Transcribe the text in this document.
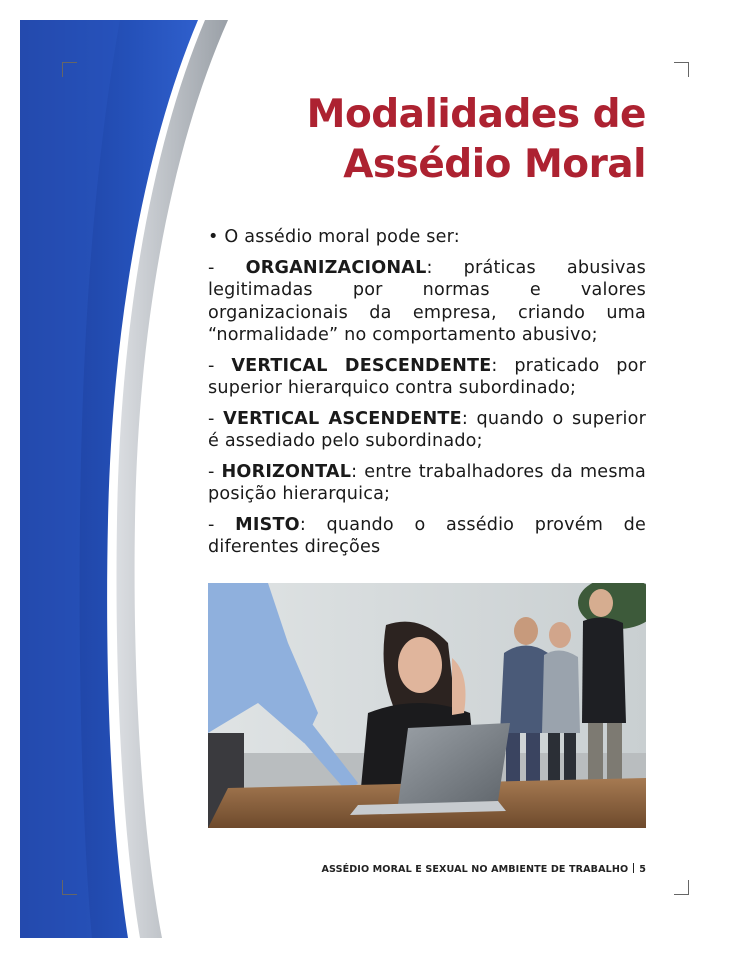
Modalidades de
Assédio Moral

• O assédio moral pode ser:

- ORGANIZACIONAL: práticas abusivas legitimadas por normas e valores organizacionais da empresa, criando uma “normalidade” no comportamento abusivo;

- VERTICAL DESCENDENTE: praticado por superior hierarquico contra subordinado;

- VERTICAL ASCENDENTE: quando o superior é assediado pelo subordinado;

- HORIZONTAL: entre trabalhadores da mesma posição hierarquica;

- MISTO: quando o assédio provém de diferentes direções

ASSÉDIO MORAL E SEXUAL NO AMBIENTE DE TRABALHO 5
